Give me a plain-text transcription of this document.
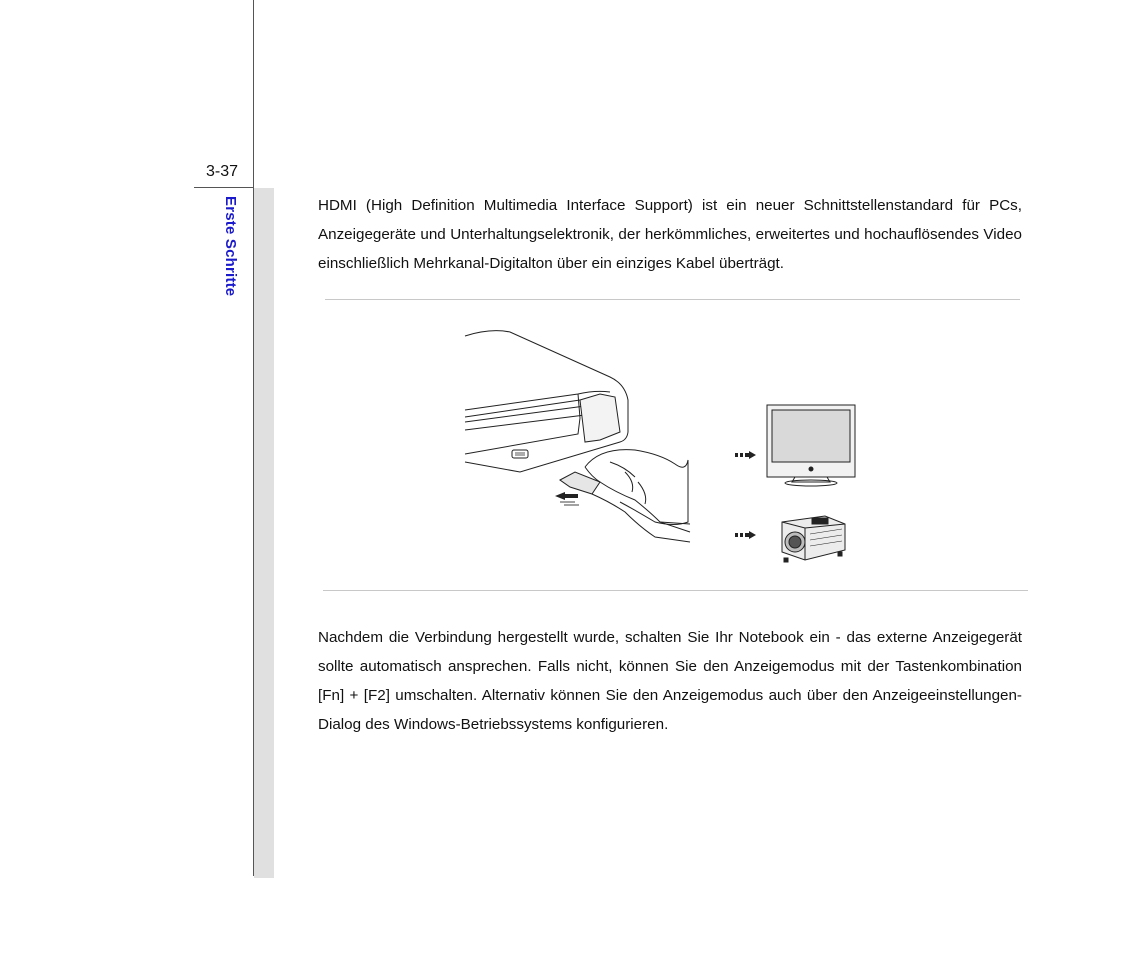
3-37
Erste Schritte	HDMI (High Definition Multimedia Interface Support) ist ein neuer Schnittstellenstandard für PCs, Anzeigegeräte und Unterhaltungselektronik, der herkömmliches, erweitertes und hochauflösendes Video einschließlich Mehrkanal-Digitalton über ein einziges Kabel überträgt.
Nachdem die Verbindung hergestellt wurde, schalten Sie Ihr Notebook ein - das externe Anzeigegerät sollte automatisch ansprechen. Falls nicht, können Sie den Anzeigemodus mit der Tastenkombination [Fn] + [F2] umschalten. Alternativ können Sie den Anzeigemodus auch über den Anzeigeeinstellungen-Dialog des Windows-Betriebssystems konfigurieren.
